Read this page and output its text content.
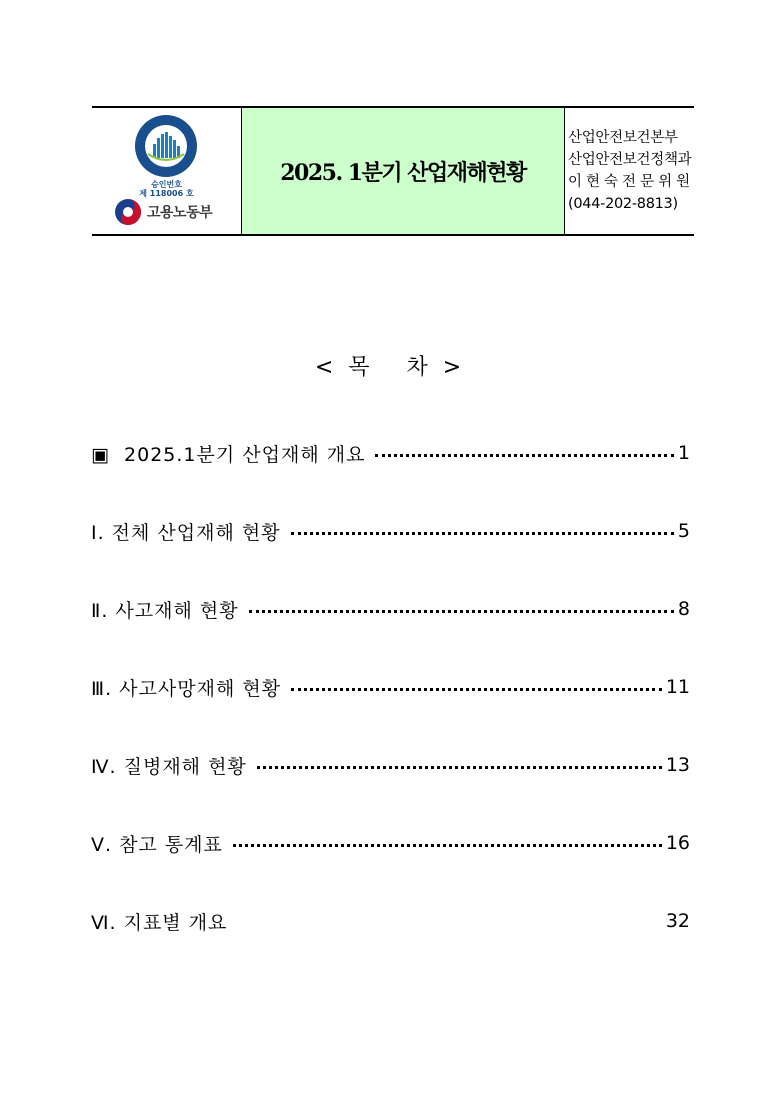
승인번호
제 118006 호
고용노동부
2025. 1분기 산업재해현황
산업안전보건본부
산업안전보건정책과
이 현 숙 전 문 위 원
(044-202-8813)
< 목   차 >
▣  2025.1분기 산업재해 개요	1
Ⅰ. 전체 산업재해 현황	5
Ⅱ. 사고재해 현황	8
Ⅲ. 사고사망재해 현황	11
Ⅳ. 질병재해 현황	13
Ⅴ. 참고 통계표	16
Ⅵ. 지표별 개요	32
